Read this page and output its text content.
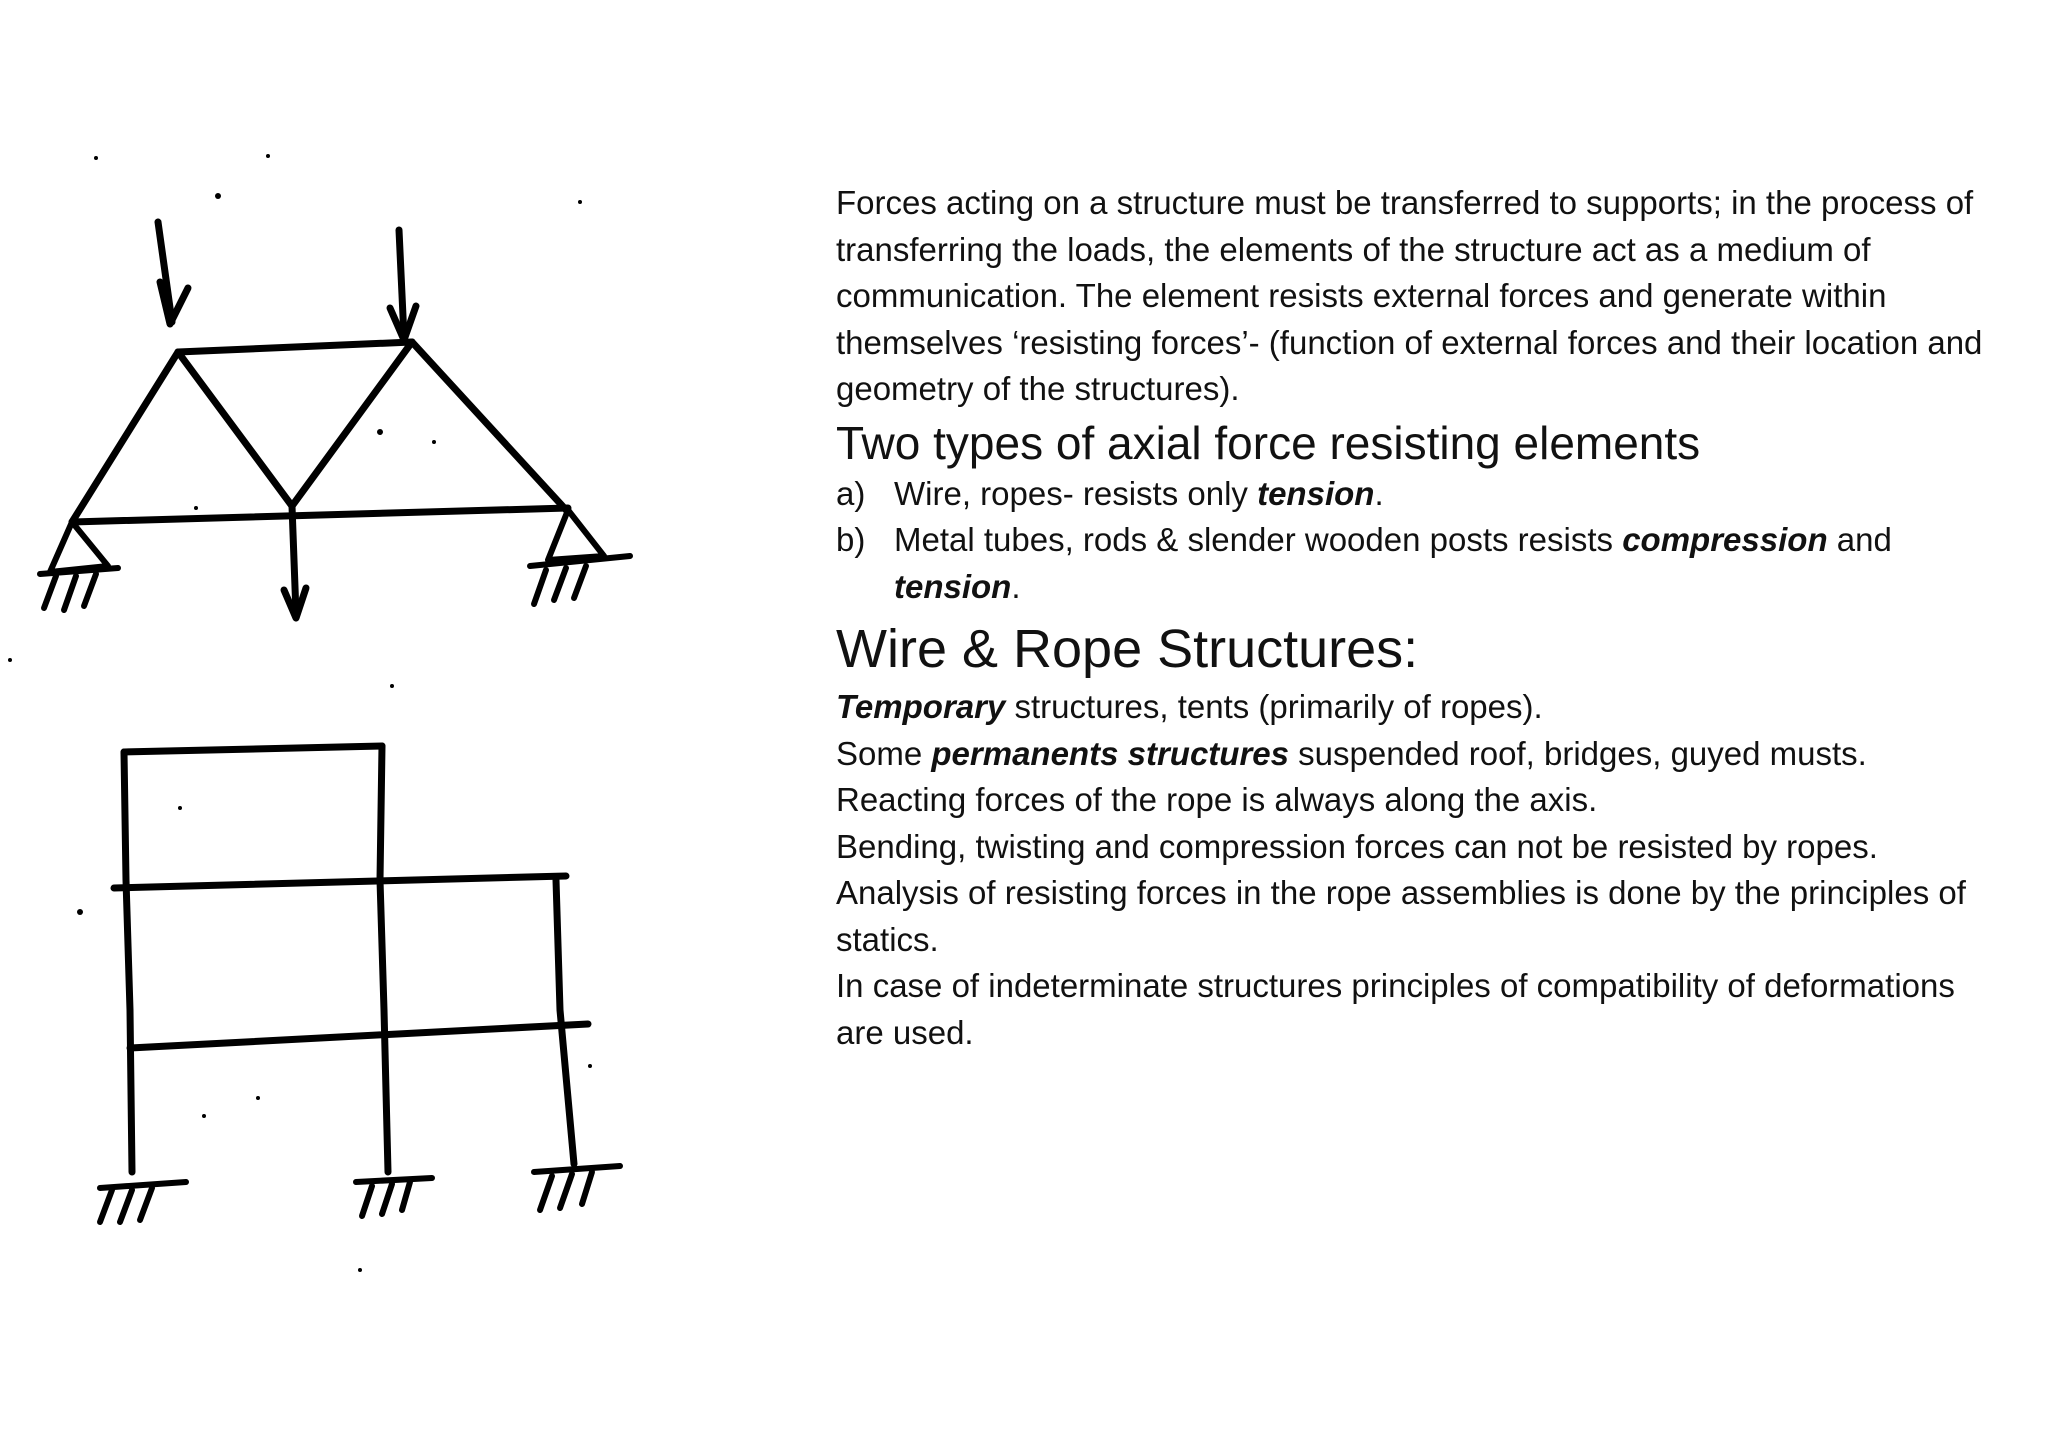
Forces acting on a structure must be transferred to supports; in the process of transferring the loads, the elements of the structure act as a medium of communication. The element resists external forces and generate within themselves ‘resisting forces’- (function of external forces and their location and geometry of the structures).

Two types of axial force resisting elements
a) Wire, ropes- resists only tension.
b) Metal tubes, rods & slender wooden posts resists compression and tension.
Wire & Rope Structures:

Temporary structures, tents (primarily of ropes).

Some permanents structures suspended roof, bridges, guyed musts.

Reacting forces of the rope is always along the axis.

Bending, twisting and compression forces can not be resisted by ropes.

Analysis of resisting forces in the rope assemblies is done by the principles of statics.

In case of indeterminate structures principles of compatibility of deformations are used.
